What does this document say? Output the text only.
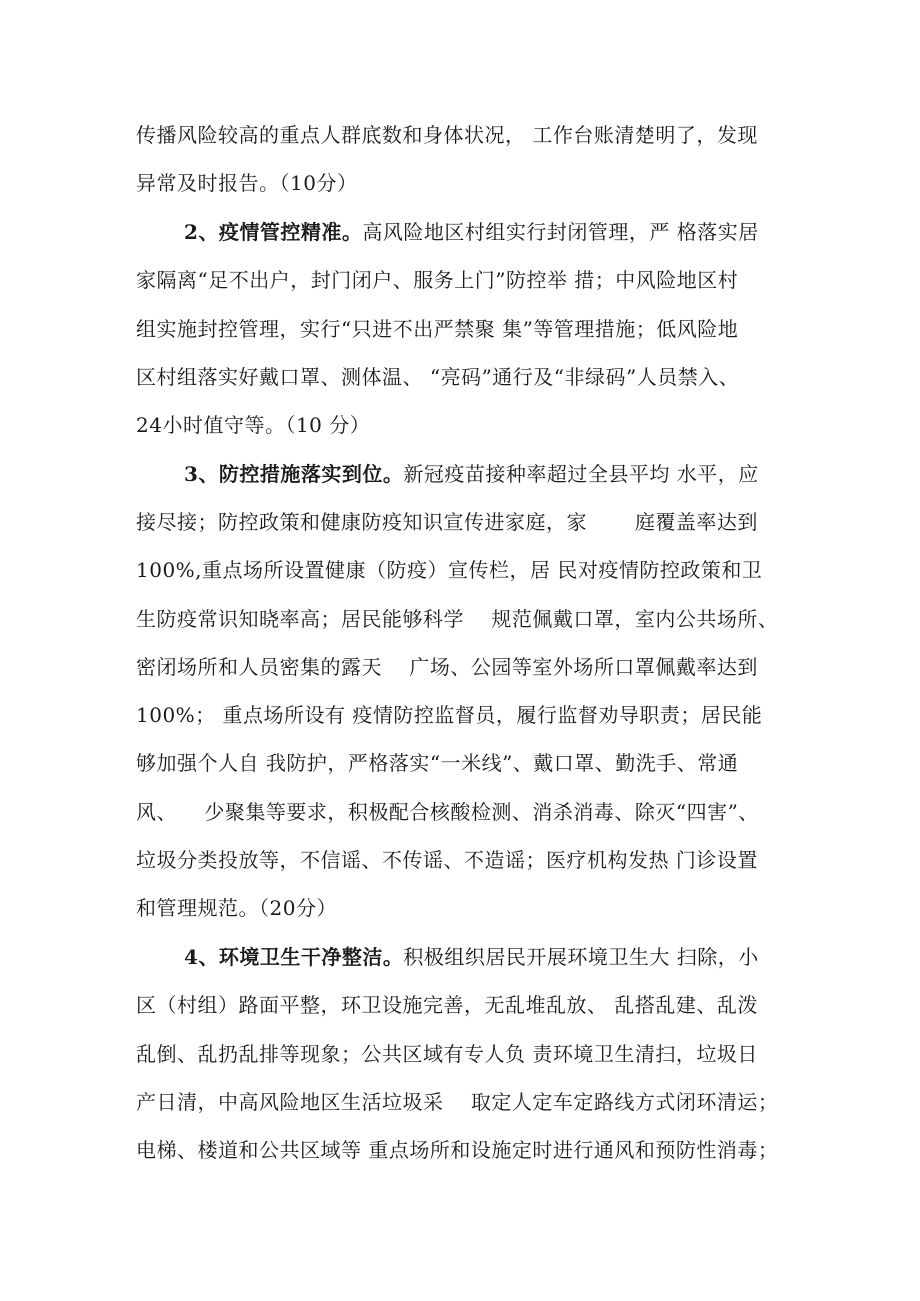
传播风险较高的重点人群底数和身体状况， 工作台账清楚明了，发现
异常及时报告。（10分）
2、疫情管控精准。高风险地区村组实行封闭管理，严 格落实居
家隔离“足不出户，封门闭户、服务上门”防控举 措；中风险地区村
组实施封控管理，实行“只进不出严禁聚 集”等管理措施；低风险地
区村组落实好戴口罩、测体温、 “亮码”通行及“非绿码”人员禁入、
24小时值守等。（10 分）
3、防控措施落实到位。新冠疫苗接种率超过全县平均 水平，应
接尽接；防控政策和健康防疫知识宣传进家庭，家 　　庭覆盖率达到
100%,重点场所设置健康（防疫）宣传栏，居 民对疫情防控政策和卫
生防疫常识知晓率高；居民能够科学 　规范佩戴口罩，室内公共场所、
密闭场所和人员密集的露天 　广场、公园等室外场所口罩佩戴率达到
100%； 重点场所设有 疫情防控监督员，履行监督劝导职责；居民能
够加强个人自 我防护，严格落实“一米线”、戴口罩、勤洗手、常通
风、 　少聚集等要求，积极配合核酸检测、消杀消毒、除灭“四害”、
垃圾分类投放等，不信谣、不传谣、不造谣；医疗机构发热 门诊设置
和管理规范。（20分）
4、环境卫生干净整洁。积极组织居民开展环境卫生大 扫除，小
区（村组）路面平整，环卫设施完善，无乱堆乱放、 乱搭乱建、乱泼
乱倒、乱扔乱排等现象；公共区域有专人负 责环境卫生清扫，垃圾日
产日清，中高风险地区生活垃圾采 　取定人定车定路线方式闭环清运；
电梯、楼道和公共区域等 重点场所和设施定时进行通风和预防性消毒；
